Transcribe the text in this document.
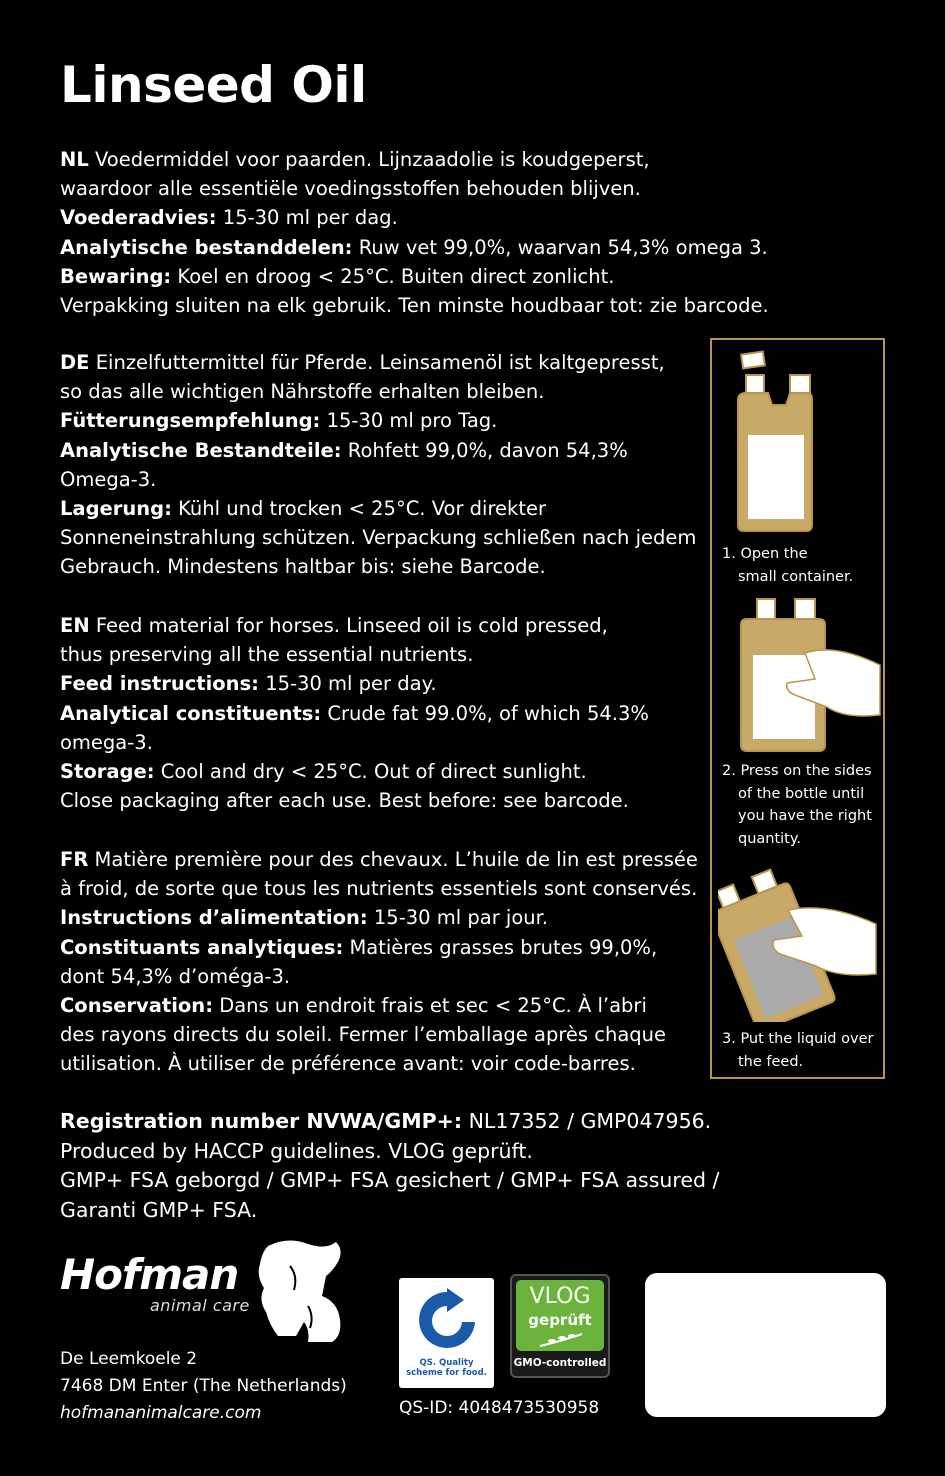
Linseed Oil

NL Voedermiddel voor paarden. Lijnzaadolie is koudgeperst,

waardoor alle essentiële voedingsstoffen behouden blijven.

Voederadvies: 15-30 ml per dag.

Analytische bestanddelen: Ruw vet 99,0%, waarvan 54,3% omega 3.

Bewaring: Koel en droog < 25°C. Buiten direct zonlicht.

Verpakking sluiten na elk gebruik. Ten minste houdbaar tot: zie barcode.

DE Einzelfuttermittel für Pferde. Leinsamenöl ist kaltgepresst,

so das alle wichtigen Nährstoffe erhalten bleiben.

Fütterungsempfehlung: 15-30 ml pro Tag.

Analytische Bestandteile: Rohfett 99,0%, davon 54,3%

Omega-3.

Lagerung: Kühl und trocken < 25°C. Vor direkter

Sonneneinstrahlung schützen. Verpackung schließen nach jedem

Gebrauch. Mindestens haltbar bis: siehe Barcode.

EN Feed material for horses. Linseed oil is cold pressed,

thus preserving all the essential nutrients.

Feed instructions: 15-30 ml per day.

Analytical constituents: Crude fat 99.0%, of which 54.3%

omega-3.

Storage: Cool and dry < 25°C. Out of direct sunlight.

Close packaging after each use. Best before: see barcode.

FR Matière première pour des chevaux. L’huile de lin est pressée

à froid, de sorte que tous les nutrients essentiels sont conservés.

Instructions d’alimentation: 15-30 ml par jour.

Constituants analytiques: Matières grasses brutes 99,0%,

dont 54,3% d’oméga-3.

Conservation: Dans un endroit frais et sec < 25°C. À l’abri

des rayons directs du soleil. Fermer l’emballage après chaque

utilisation. À utiliser de préférence avant: voir code-barres.

1. Open the
small container.
2. Press on the sides
of the bottle until
you have the right
quantity.
3. Put the liquid over
the feed.

Registration number NVWA/GMP+: NL17352 / GMP047956.

Produced by HACCP guidelines. VLOG geprüft.

GMP+ FSA geborgd / GMP+ FSA gesichert / GMP+ FSA assured /

Garanti GMP+ FSA.

Hofman
animal care

De Leemkoele 2

7468 DM Enter (The Netherlands)

hofmananimalcare.com

QS. Quality
scheme for food.
VLOG
geprüft
GMO-controlled
QS-ID: 4048473530958
